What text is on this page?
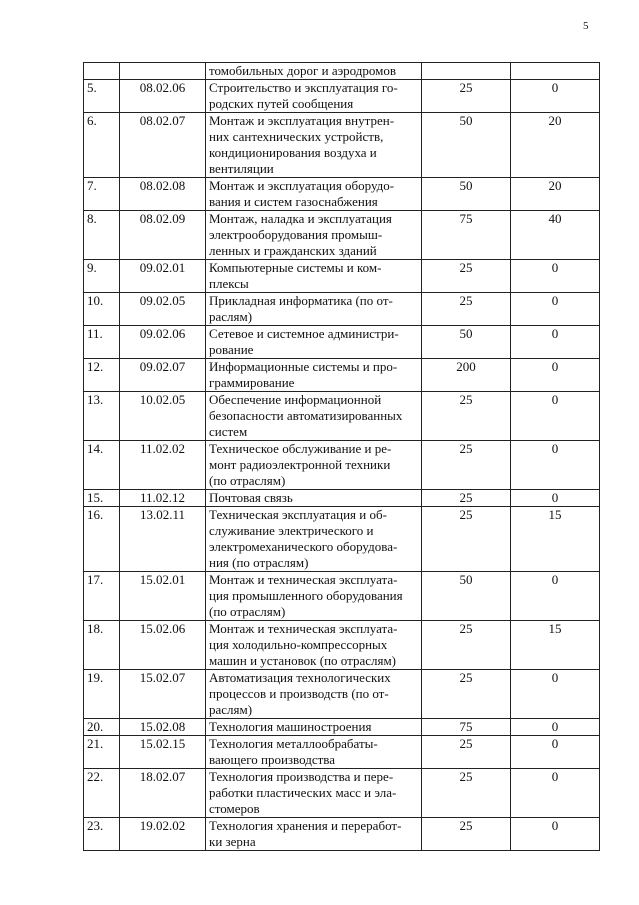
5

		томобильных дорог и аэродромов		

5.	08.02.06	Строительство и эксплуатация го-
родских путей сообщения	25	0
6.	08.02.07	Монтаж и эксплуатация внутрен-
них сантехнических устройств,
кондиционирования воздуха и
вентиляции	50	20
7.	08.02.08	Монтаж и эксплуатация оборудо-
вания и систем газоснабжения	50	20
8.	08.02.09	Монтаж, наладка и эксплуатация
электрооборудования промыш-
ленных и гражданских зданий	75	40
9.	09.02.01	Компьютерные системы и ком-
плексы	25	0
10.	09.02.05	Прикладная информатика (по от-
раслям)	25	0
11.	09.02.06	Сетевое и системное администри-
рование	50	0
12.	09.02.07	Информационные системы и про-
граммирование	200	0
13.	10.02.05	Обеспечение информационной
безопасности автоматизированных
систем	25	0
14.	11.02.02	Техническое обслуживание и ре-
монт радиоэлектронной техники
(по отраслям)	25	0
15.	11.02.12	Почтовая связь	25	0
16.	13.02.11	Техническая эксплуатация и об-
служивание электрического и
электромеханического оборудова-
ния (по отраслям)	25	15
17.	15.02.01	Монтаж и техническая эксплуата-
ция промышленного оборудования
(по отраслям)	50	0
18.	15.02.06	Монтаж и техническая эксплуата-
ция холодильно-компрессорных
машин и установок (по отраслям)	25	15
19.	15.02.07	Автоматизация технологических
процессов и производств (по от-
раслям)	25	0
20.	15.02.08	Технология машиностроения	75	0
21.	15.02.15	Технология металлообрабаты-
вающего производства	25	0
22.	18.02.07	Технология производства и пере-
работки пластических масс и эла-
стомеров	25	0
23.	19.02.02	Технология хранения и переработ-
ки зерна	25	0
